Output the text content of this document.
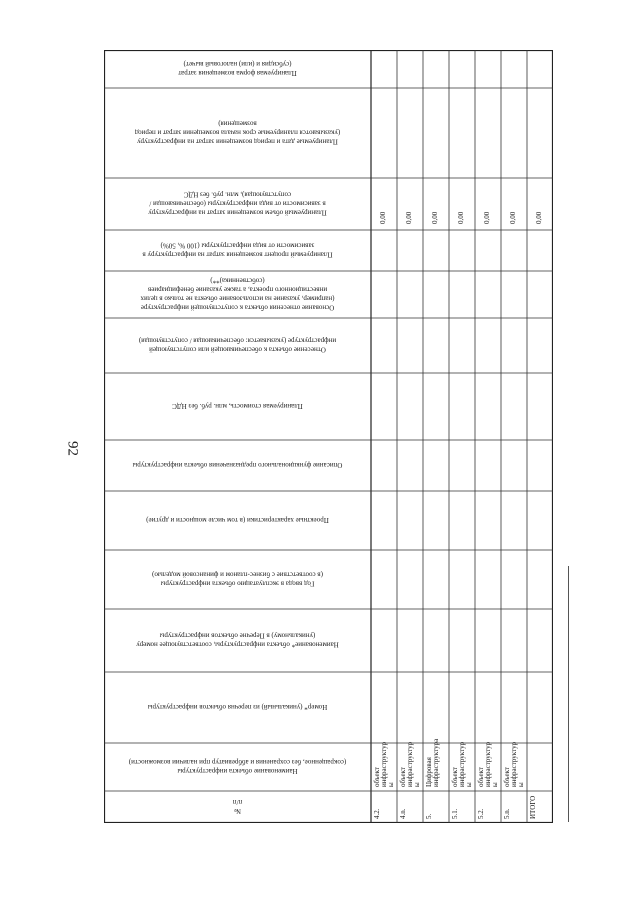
92
№
п/п
Наименование объекта инфраструктуры
(сокращенное, без сохранения и аббревиатур при наличии возможности)
Номер* (уникальный) из перечня объектов инфраструктуры
Наименование* объекта инфраструктуры, соответствующее номеру
(уникальному) в Перечне объектов инфраструктуры
Год ввода в эксплуатацию объекта инфраструктуры
(в соответствие с бизнес-планом и финансовой моделью)
Проектные характеристики (в том числе мощности и другие)
Описание функционального предназначения объекта инфраструктуры
Планируемая стоимость, млн. руб. без НДС
Отнесение объекта к обеспечивающей или сопутствующей
инфраструктуре (указывается: обеспечивающая / сопутствующая)
Основание отнесения объекта к сопутствующей инфраструктуре
(например, указание на использование объекта не только в целях
инвестиционного проекта, а также указание бенефициариев
(собственника)**)
Планируемый процент возмещения затрат на инфраструктуру в
зависимости от вида инфраструктуры (100 %, 50%)
Планируемый объем возмещения затрат на инфраструктуру
в зависимости от вида инфраструктуры (обеспечивающая /
сопутствующая), млн. руб. без НДС
Планируемые дата и период возмещения затрат на инфраструктуру
(указываются планируемые срок начала возмещения затрат и период
возмещения)
Планируемая форма возмещения затрат
(субсидия и (или) налоговый вычет)
4.2.
объект инфраструктур ы
0,00
4.n.
объект инфраструктур ы
0,00
5.
Цифровая инфраструктура
0,00
5.1.
объект инфраструктур ы
0,00
5.2.
объект инфраструктур ы
0,00
5.n.
объект инфраструктур ы
0,00
ИТОГО
0,00
